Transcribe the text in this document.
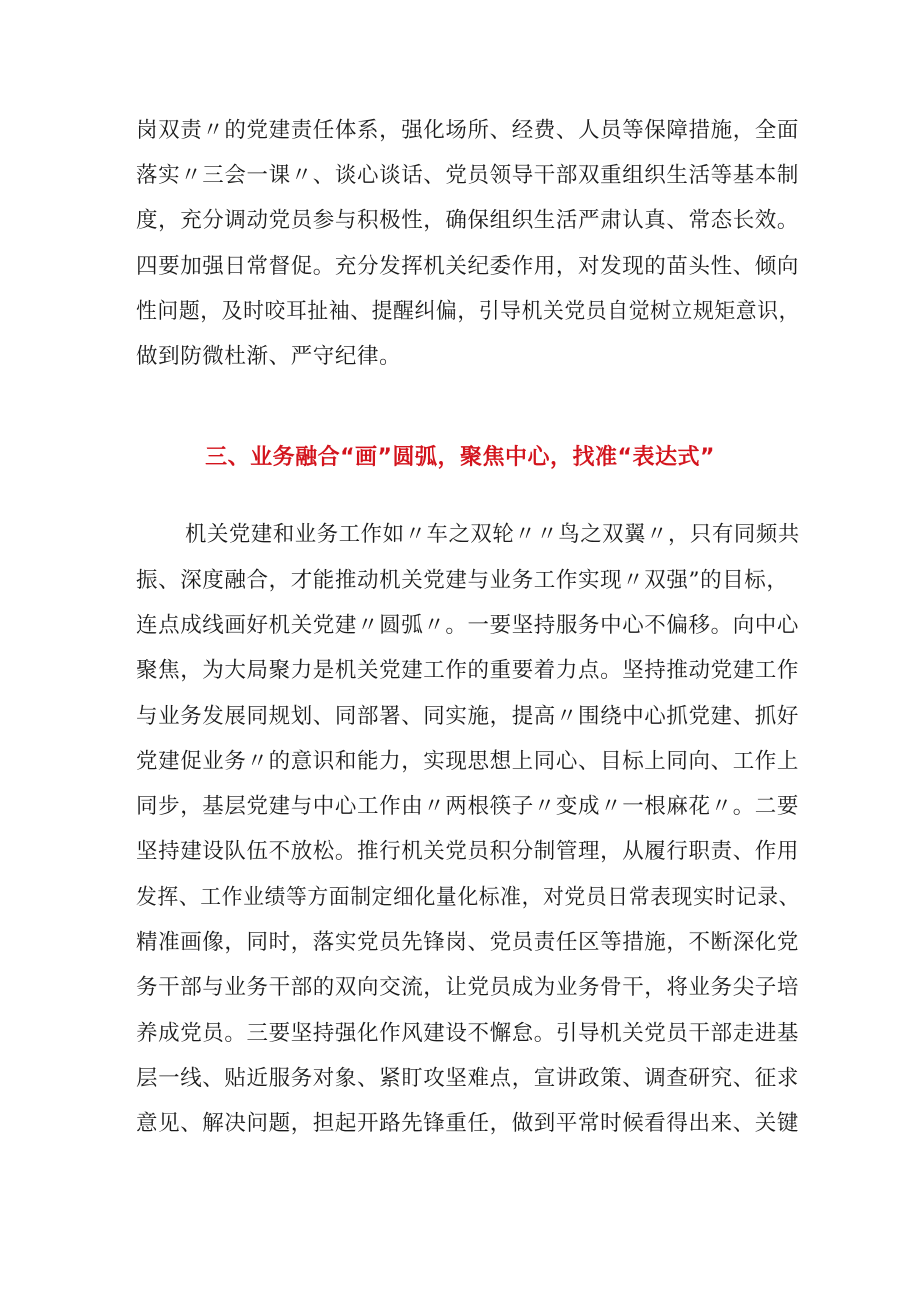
岗双责〃的党建责任体系，强化场所、经费、人员等保障措施，全面
落实〃三会一课〃、谈心谈话、党员领导干部双重组织生活等基本制
度，充分调动党员参与积极性，确保组织生活严肃认真、常态长效。
四要加强日常督促。充分发挥机关纪委作用，对发现的苗头性、倾向
性问题，及时咬耳扯袖、提醒纠偏，引导机关党员自觉树立规矩意识，
做到防微杜渐、严守纪律。
三、业务融合“画”圆弧，聚焦中心，找准“表达式”
机关党建和业务工作如〃车之双轮〃〃鸟之双翼〃，只有同频共
振、深度融合，才能推动机关党建与业务工作实现〃双强”的目标，
连点成线画好机关党建〃圆弧〃。一要坚持服务中心不偏移。向中心
聚焦，为大局聚力是机关党建工作的重要着力点。坚持推动党建工作
与业务发展同规划、同部署、同实施，提高〃围绕中心抓党建、抓好
党建促业务〃的意识和能力，实现思想上同心、目标上同向、工作上
同步，基层党建与中心工作由〃两根筷子〃变成〃一根麻花〃。二要
坚持建设队伍不放松。推行机关党员积分制管理，从履行职责、作用
发挥、工作业绩等方面制定细化量化标准，对党员日常表现实时记录、
精准画像，同时，落实党员先锋岗、党员责任区等措施，不断深化党
务干部与业务干部的双向交流，让党员成为业务骨干，将业务尖子培
养成党员。三要坚持强化作风建设不懈怠。引导机关党员干部走进基
层一线、贴近服务对象、紧盯攻坚难点，宣讲政策、调查研究、征求
意见、解决问题，担起开路先锋重任，做到平常时候看得出来、关键
